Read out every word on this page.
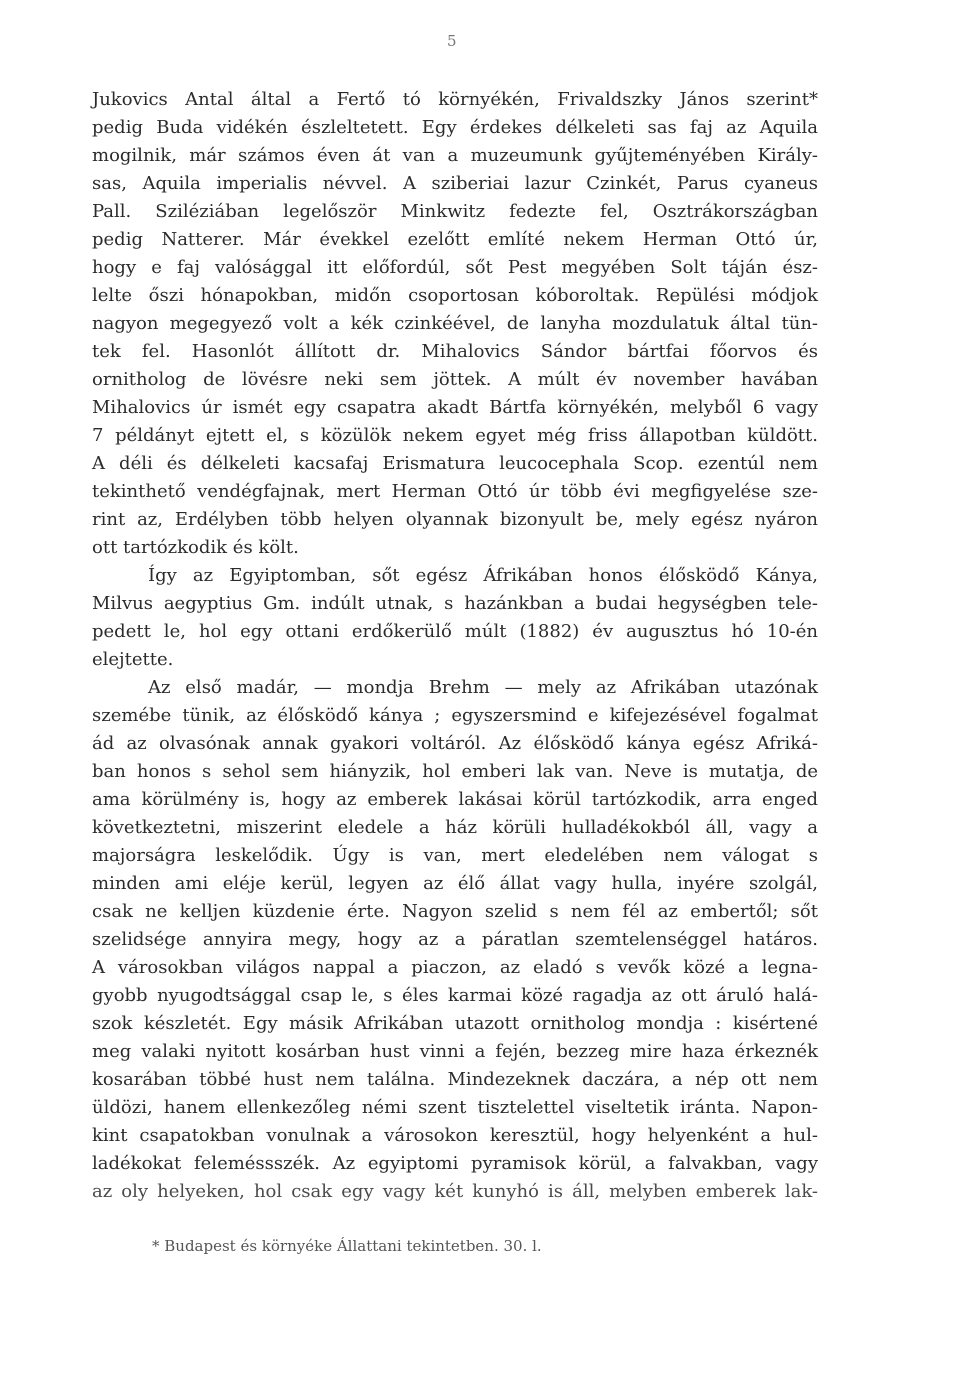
5
Jukovics Antal által a Fertő tó környékén, Frivaldszky János szerint*
pedig Buda vidékén észleltetett. Egy érdekes délkeleti sas faj az Aquila
mogilnik, már számos éven át van a muzeumunk gyűjteményében Király-
sas, Aquila imperialis névvel. A sziberiai lazur Czinkét, Parus cyaneus
Pall. Sziléziában legelőször Minkwitz fedezte fel, Osztrákországban
pedig Natterer. Már évekkel ezelőtt említé nekem Herman Ottó úr,
hogy e faj valósággal itt előfordúl, sőt Pest megyében Solt táján ész-
lelte őszi hónapokban, midőn csoportosan kóboroltak. Repülési módjok
nagyon megegyező volt a kék czinkéével, de lanyha mozdulatuk által tün-
tek fel. Hasonlót állított dr. Mihalovics Sándor bártfai főorvos és
ornitholog de lövésre neki sem jöttek. A múlt év november havában
Mihalovics úr ismét egy csapatra akadt Bártfa környékén, melyből 6 vagy
7 példányt ejtett el, s közülök nekem egyet még friss állapotban küldött.
A déli és délkeleti kacsafaj Erismatura leucocephala Scop. ezentúl nem
tekinthető vendégfajnak, mert Herman Ottó úr több évi megfigyelése sze-
rint az, Erdélyben több helyen olyannak bizonyult be, mely egész nyáron
ott tartózkodik és költ.
Így az Egyiptomban, sőt egész Áfrikában honos élősködő Kánya,
Milvus aegyptius Gm. indúlt utnak, s hazánkban a budai hegységben tele-
pedett le, hol egy ottani erdőkerülő múlt (1882) év augusztus hó 10-én
elejtette.
Az első madár, — mondja Brehm — mely az Afrikában utazónak
szemébe tünik, az élősködő kánya ; egyszersmind e kifejezésével fogalmat
ád az olvasónak annak gyakori voltáról. Az élősködő kánya egész Afriká-
ban honos s sehol sem hiányzik, hol emberi lak van. Neve is mutatja, de
ama körülmény is, hogy az emberek lakásai körül tartózkodik, arra enged
következtetni, miszerint eledele a ház körüli hulladékokból áll, vagy a
majorságra leskelődik. Úgy is van, mert eledelében nem válogat s
minden ami eléje kerül, legyen az élő állat vagy hulla, inyére szolgál,
csak ne kelljen küzdenie érte. Nagyon szelid s nem fél az embertől; sőt
szelidsége annyira megy, hogy az a páratlan szemtelenséggel határos.
A városokban világos nappal a piaczon, az eladó s vevők közé a legna-
gyobb nyugodtsággal csap le, s éles karmai közé ragadja az ott áruló halá-
szok készletét. Egy másik Afrikában utazott ornitholog mondja : kisértené
meg valaki nyitott kosárban hust vinni a fején, bezzeg mire haza érkeznék
kosarában többé hust nem találna. Mindezeknek daczára, a nép ott nem
üldözi, hanem ellenkezőleg némi szent tisztelettel viseltetik iránta. Napon-
kint csapatokban vonulnak a városokon keresztül, hogy helyenként a hul-
ladékokat feleméssszék. Az egyiptomi pyramisok körül, a falvakban, vagy
az oly helyeken, hol csak egy vagy két kunyhó is áll, melyben emberek lak-
* Budapest és környéke Állattani tekintetben. 30. l.
